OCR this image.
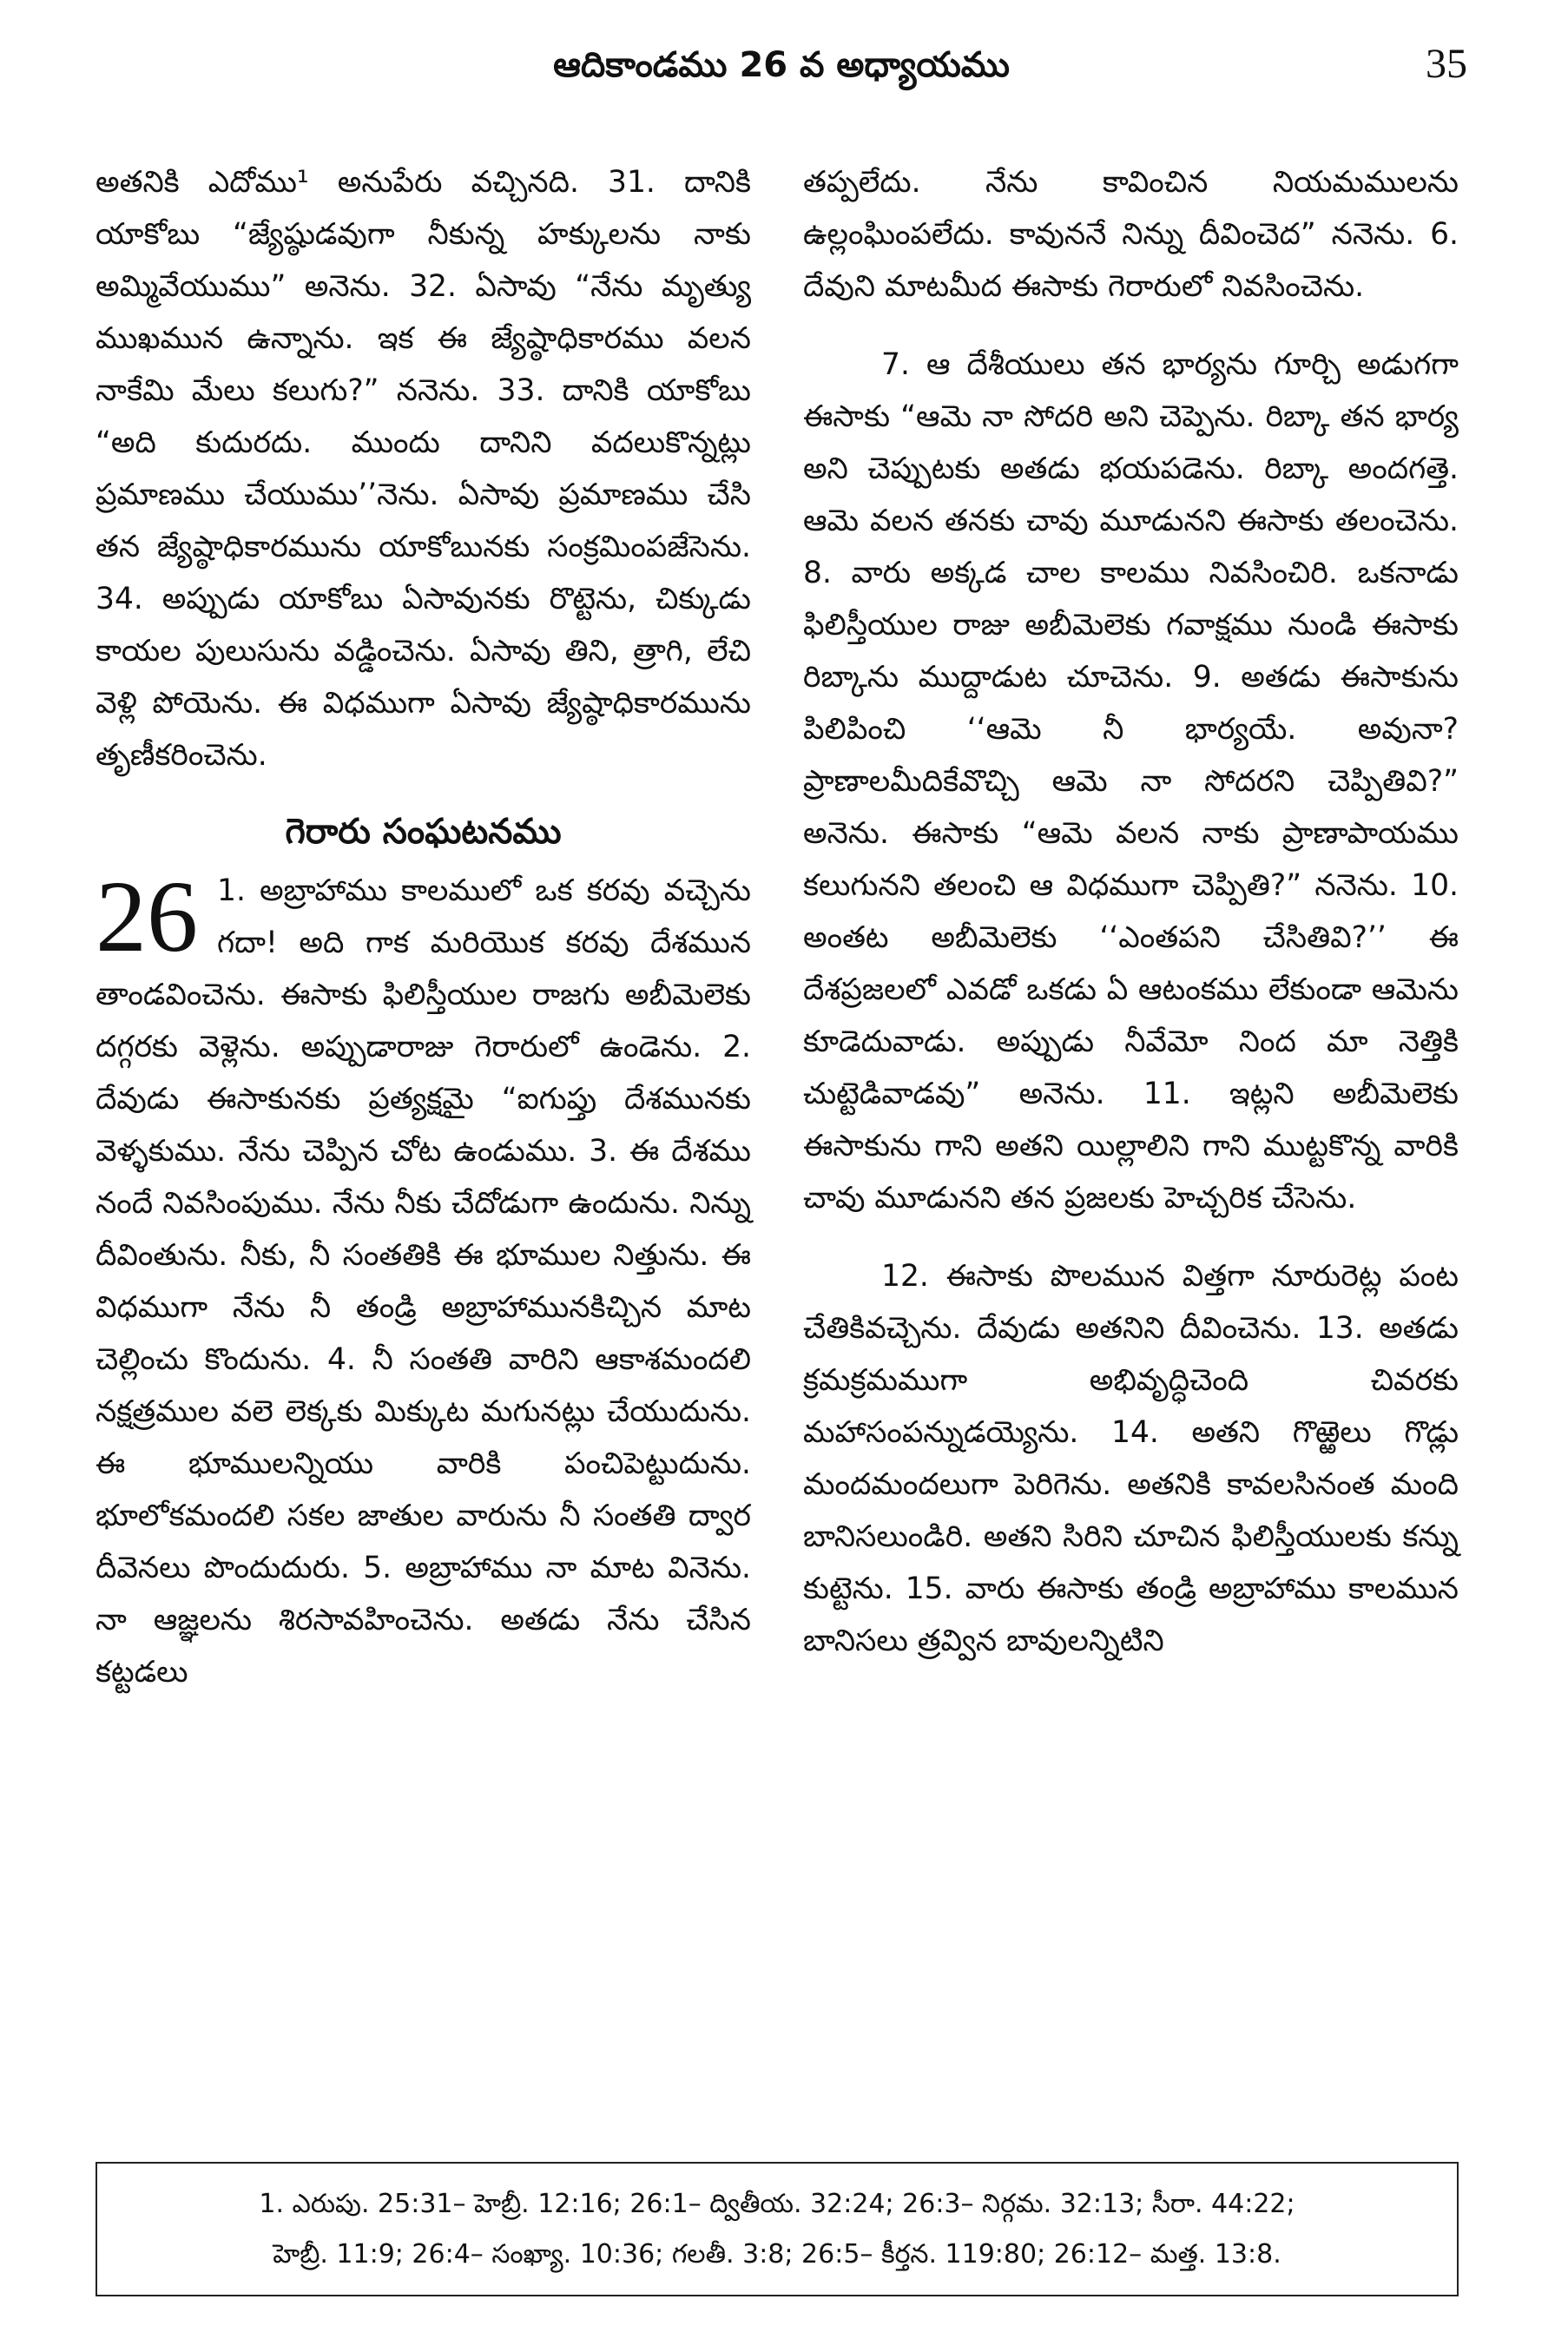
ఆదికాండము 26 వ అధ్యాయము	35

అతనికి ఎదోము¹ అనుపేరు వచ్చినది. 31. దానికి యాకోబు “జ్యేష్ఠుడవుగా నీకున్న హక్కులను నాకు అమ్మివేయుము” అనెను. 32. ఏసావు “నేను మృత్యు ముఖమున ఉన్నాను. ఇక ఈ జ్యేష్ఠాధికారము వలన నాకేమి మేలు కలుగు?” ననెను. 33. దానికి యాకోబు “అది కుదురదు. ముందు దానిని వదలుకొన్నట్లు ప్రమాణము చేయుము’’నెను. ఏసావు ప్రమాణము చేసి తన జ్యేష్ఠాధికారమును యాకోబునకు సంక్రమింపజేసెను. 34. అప్పుడు యాకోబు ఏసావునకు రొట్టెను, చిక్కుడు కాయల పులుసును వడ్డించెను. ఏసావు తిని, త్రాగి, లేచి వెళ్లి పోయెను. ఈ విధముగా ఏసావు జ్యేష్ఠాధికారమును తృణీకరించెను.

గెరారు సంఘటనము

26 1. అబ్రాహాము కాలములో ఒక కరవు వచ్చెను గదా! అది గాక మరియొక కరవు దేశమున తాండవించెను. ఈసాకు ఫిలిస్తీయుల రాజగు అబీమెలెకు దగ్గరకు వెళ్లెను. అప్పుడారాజు గెరారులో ఉండెను. 2. దేవుడు ఈసాకునకు ప్రత్యక్షమై “ఐగుప్తు దేశమునకు వెళ్ళకుము. నేను చెప్పిన చోట ఉండుము. 3. ఈ దేశము నందే నివసింపుము. నేను నీకు చేదోడుగా ఉందును. నిన్ను దీవింతును. నీకు, నీ సంతతికి ఈ భూముల నిత్తును. ఈ విధముగా నేను నీ తండ్రి అబ్రాహామునకిచ్చిన మాట చెల్లించు కొందును. 4. నీ సంతతి వారిని ఆకాశమందలి నక్షత్రముల వలె లెక్కకు మిక్కుట మగునట్లు చేయుదును. ఈ భూములన్నియు వారికి పంచిపెట్టుదును. భూలోకమందలి సకల జాతుల వారును నీ సంతతి ద్వార దీవెనలు పొందుదురు. 5. అబ్రాహాము నా మాట వినెను. నా ఆజ్ఞలను శిరసావహించెను. అతడు నేను చేసిన కట్టడలు

తప్పలేదు. నేను కావించిన నియమములను ఉల్లంఘింపలేదు. కావుననే నిన్ను దీవించెద” ననెను. 6. దేవుని మాటమీద ఈసాకు గెరారులో నివసించెను.

7. ఆ దేశీయులు తన భార్యను గూర్చి అడుగగా ఈసాకు “ఆమె నా సోదరి అని చెప్పెను. రిబ్కా తన భార్య అని చెప్పుటకు అతడు భయపడెను. రిబ్కా అందగత్తె. ఆమె వలన తనకు చావు మూడునని ఈసాకు తలంచెను. 8. వారు అక్కడ చాల కాలము నివసించిరి. ఒకనాడు ఫిలిస్తీయుల రాజు అబీమెలెకు గవాక్షము నుండి ఈసాకు రిబ్కాను ముద్దాడుట చూచెను. 9. అతడు ఈసాకును పిలిపించి ‘‘ఆమె నీ భార్యయే. అవునా? ప్రాణాలమీదికేవొచ్చి ఆమె నా సోదరని చెప్పితివి?” అనెను. ఈసాకు “ఆమె వలన నాకు ప్రాణాపాయము కలుగునని తలంచి ఆ విధముగా చెప్పితి?” ననెను. 10. అంతట అబీమెలెకు ‘‘ఎంతపని చేసితివి?’’ ఈ దేశప్రజలలో ఎవడో ఒకడు ఏ ఆటంకము లేకుండా ఆమెను కూడెదువాడు. అప్పుడు నీవేమో నింద మా నెత్తికి చుట్టెడివాడవు” అనెను. 11. ఇట్లని అబీమెలెకు ఈసాకును గాని అతని యిల్లాలిని గాని ముట్టకొన్న వారికి చావు మూడునని తన ప్రజలకు హెచ్చరిక చేసెను.

12. ఈసాకు పొలమున విత్తగా నూరురెట్ల పంట చేతికివచ్చెను. దేవుడు అతనిని దీవించెను. 13. అతడు క్రమక్రమముగా అభివృద్ధిచెంది చివరకు మహాసంపన్నుడయ్యెను. 14. అతని గొఱ్ఱెలు గొడ్లు మందమందలుగా పెరిగెను. అతనికి కావలసినంత మంది బానిసలుండిరి. అతని సిరిని చూచిన ఫిలిస్తీయులకు కన్ను కుట్టెను. 15. వారు ఈసాకు తండ్రి అబ్రాహాము కాలమున బానిసలు త్రవ్విన బావులన్నిటిని

1. ఎరుపు. 25:31– హెబ్రీ. 12:16; 26:1– ద్వితీయ. 32:24; 26:3– నిర్గమ. 32:13; సీరా. 44:22;

హెబ్రీ. 11:9; 26:4– సంఖ్యా. 10:36; గలతీ. 3:8; 26:5– కీర్తన. 119:80; 26:12– మత్త. 13:8.
